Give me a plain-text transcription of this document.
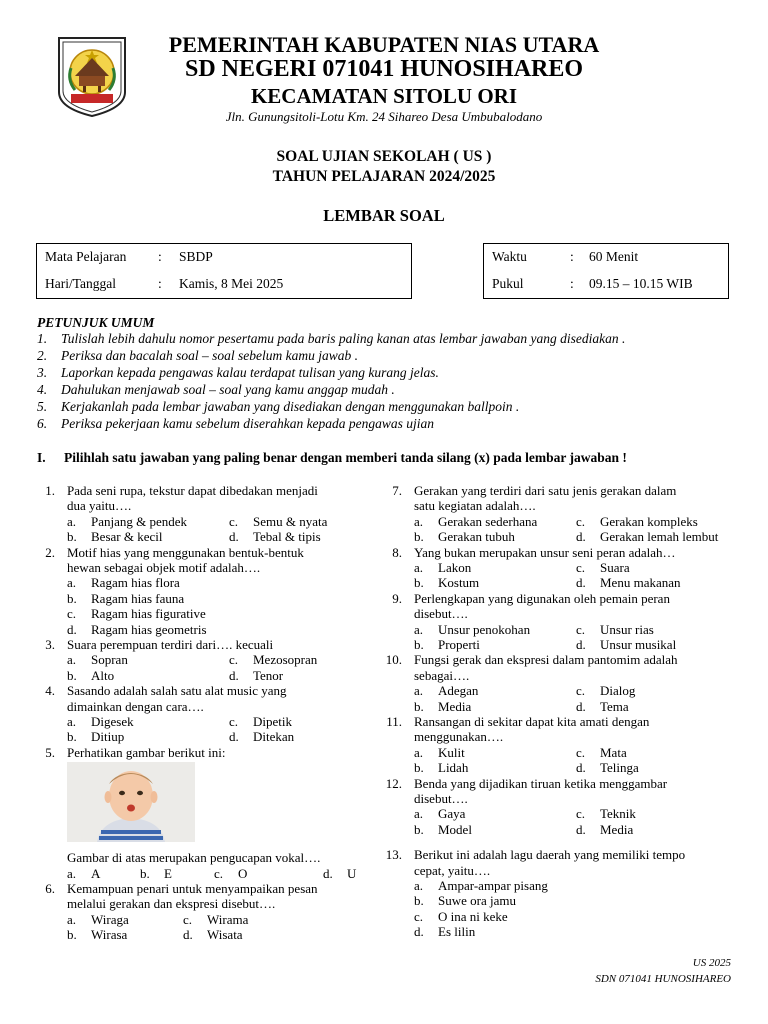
PEMERINTAH KABUPATEN NIAS UTARA
SD NEGERI 071041 HUNOSIHAREO
KECAMATAN SITOLU ORI
Jln. Gunungsitoli-Lotu Km. 24 Sihareo Desa Umbubalodano
SOAL UJIAN SEKOLAH ( US )
TAHUN PELAJARAN 2024/2025
LEMBAR SOAL
Mata Pelajaran : SBDP
Hari/Tanggal	: Kamis, 8 Mei 2025
Waktu	: 60 Menit
Pukul	: 09.15 – 10.15 WIB
PETUNJUK UMUM
1. Tulislah lebih dahulu nomor pesertamu pada baris paling kanan atas lembar jawaban yang disediakan .
2. Periksa dan bacalah soal – soal sebelum kamu jawab .
3. Laporkan kepada pengawas kalau terdapat tulisan yang kurang jelas.
4. Dahulukan menjawab soal – soal yang kamu anggap mudah .
5. Kerjakanlah pada lembar jawaban yang disediakan dengan menggunakan ballpoin .
6. Periksa pekerjaan kamu sebelum diserahkan kepada pengawas ujian
I. Pilihlah satu jawaban yang paling benar dengan memberi tanda silang (x) pada lembar jawaban !
1. Pada seni rupa, tekstur dapat dibedakan menjadi
dua yaitu….
a. Panjang & pendek	c. Semu & nyata
b. Besar & kecil	d. Tebal & tipis
2. Motif hias yang menggunakan bentuk-bentuk
hewan sebagai objek motif adalah….
a. Ragam hias flora
b. Ragam hias fauna
c. Ragam hias figurative
d. Ragam hias geometris
3. Suara perempuan terdiri dari…. kecuali
a. Sopran	c. Mezosopran
b. Alto	d. Tenor
4. Sasando adalah salah satu alat music yang
dimainkan dengan cara….
a. Digesek	c. Dipetik
b. Ditiup	d. Ditekan
5. Perhatikan gambar berikut ini:
Gambar di atas merupakan pengucapan vokal….
a. A	b. E	c. O	d. U
6. Kemampuan penari untuk menyampaikan pesan
melalui gerakan dan ekspresi disebut….
a. Wiraga	c. Wirama
b. Wirasa	d. Wisata
7. Gerakan yang terdiri dari satu jenis gerakan dalam
satu kegiatan adalah….
a. Gerakan sederhana	c. Gerakan kompleks
b. Gerakan tubuh	d. Gerakan lemah lembut
8. Yang bukan merupakan unsur seni peran adalah…
a. Lakon	c. Suara
b. Kostum	d. Menu makanan
9. Perlengkapan yang digunakan oleh pemain peran
disebut….
a. Unsur penokohan	c. Unsur rias
b. Properti	d. Unsur musikal
10. Fungsi gerak dan ekspresi dalam pantomim adalah
sebagai….
a. Adegan	c. Dialog
b. Media	d. Tema
11. Ransangan di sekitar dapat kita amati dengan
menggunakan….
a. Kulit	c. Mata
b. Lidah	d. Telinga
12. Benda yang dijadikan tiruan ketika menggambar
disebut….
a. Gaya	c. Teknik
b. Model	d. Media
13. Berikut ini adalah lagu daerah yang memiliki tempo
cepat, yaitu….
a. Ampar-ampar pisang
b. Suwe ora jamu
c. O ina ni keke
d. Es lilin
US 2025
SDN 071041 HUNOSIHAREO
